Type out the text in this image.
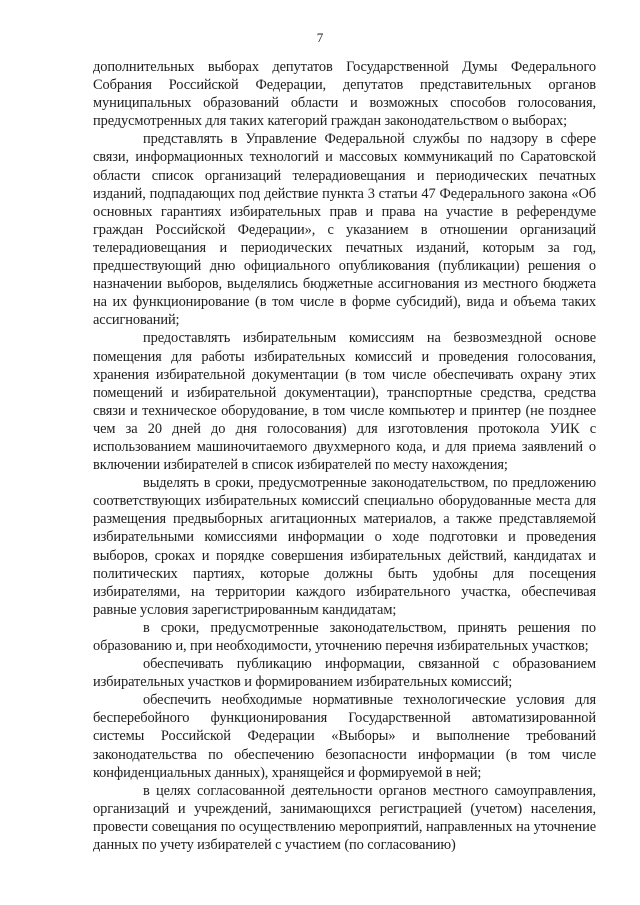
7

дополнительных выборах депутатов Государственной Думы Федерального Собрания Российской Федерации, депутатов представительных органов муниципальных образований области и возможных способов голосования, предусмотренных для таких категорий граждан законодательством о выборах;

представлять в Управление Федеральной службы по надзору в сфере связи, информационных технологий и массовых коммуникаций по Саратовской области список организаций телерадиовещания и периодических печатных изданий, подпадающих под действие пункта 3 статьи 47 Федерального закона «Об основных гарантиях избирательных прав и права на участие в референдуме граждан Российской Федерации», с указанием в отношении организаций телерадиовещания и периодических печатных изданий, которым за год, предшествующий дню официального опубликования (публикации) решения о назначении выборов, выделялись бюджетные ассигнования из местного бюджета на их функционирование (в том числе в форме субсидий), вида и объема таких ассигнований;

предоставлять избирательным комиссиям на безвозмездной основе помещения для работы избирательных комиссий и проведения голосования, хранения избирательной документации (в том числе обеспечивать охрану этих помещений и избирательной документации), транспортные средства, средства связи и техническое оборудование, в том числе компьютер и принтер (не позднее чем за 20 дней до дня голосования) для изготовления протокола УИК с использованием машиночитаемого двухмерного кода, и для приема заявлений о включении избирателей в список избирателей по месту нахождения;

выделять в сроки, предусмотренные законодательством, по предложению соответствующих избирательных комиссий специально оборудованные места для размещения предвыборных агитационных материалов, а также представляемой избирательными комиссиями информации о ходе подготовки и проведения выборов, сроках и порядке совершения избирательных действий, кандидатах и политических партиях, которые должны быть удобны для посещения избирателями, на территории каждого избирательного участка, обеспечивая равные условия зарегистрированным кандидатам;

в сроки, предусмотренные законодательством, принять решения по образованию и, при необходимости, уточнению перечня избирательных участков;

обеспечивать публикацию информации, связанной с образованием избирательных участков и формированием избирательных комиссий;

обеспечить необходимые нормативные технологические условия для бесперебойного функционирования Государственной автоматизированной системы Российской Федерации «Выборы» и выполнение требований законодательства по обеспечению безопасности информации (в том числе конфиденциальных данных), хранящейся и формируемой в ней;

в целях согласованной деятельности органов местного самоуправления, организаций и учреждений, занимающихся регистрацией (учетом) населения, провести совещания по осуществлению мероприятий, направленных на уточнение данных по учету избирателей с участием (по согласованию)
